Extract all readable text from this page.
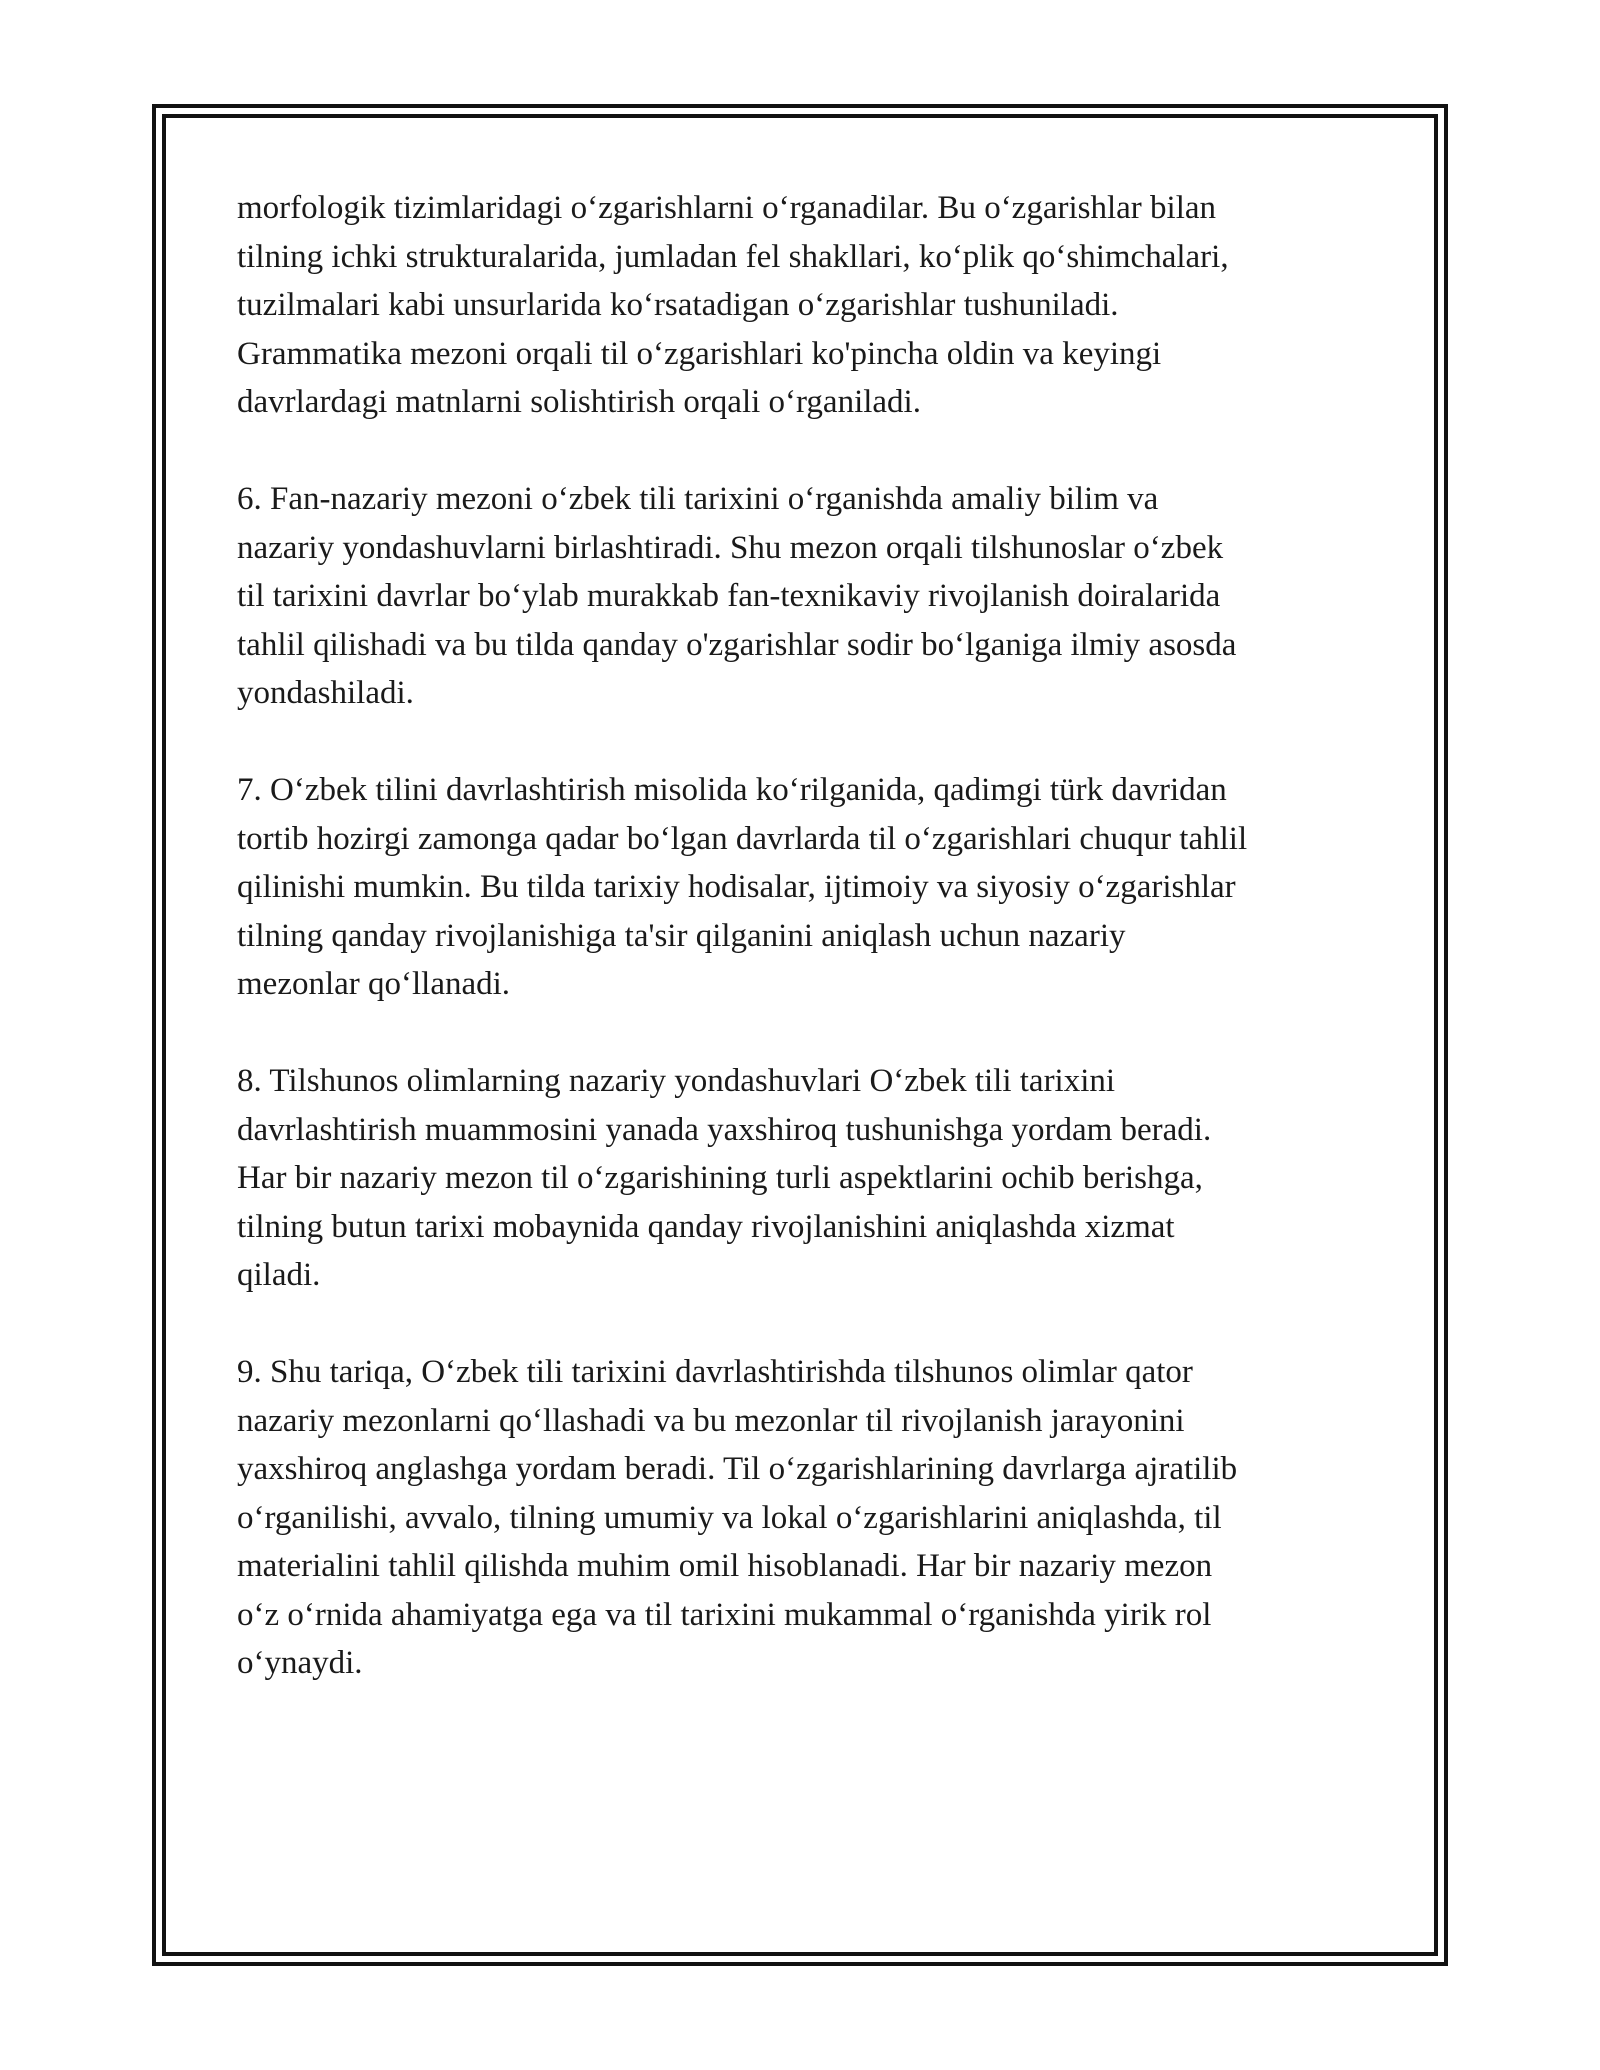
morfologik tizimlaridagi o‘zgarishlarni o‘rganadilar. Bu o‘zgarishlar bilan
tilning ichki strukturalarida, jumladan fel shakllari, ko‘plik qo‘shimchalari,
tuzilmalari kabi unsurlarida ko‘rsatadigan o‘zgarishlar tushuniladi.
Grammatika mezoni orqali til o‘zgarishlari ko'pincha oldin va keyingi
davrlardagi matnlarni solishtirish orqali o‘rganiladi.

6. Fan-nazariy mezoni o‘zbek tili tarixini o‘rganishda amaliy bilim va
nazariy yondashuvlarni birlashtiradi. Shu mezon orqali tilshunoslar o‘zbek
til tarixini davrlar bo‘ylab murakkab fan-texnikaviy rivojlanish doiralarida
tahlil qilishadi va bu tilda qanday o'zgarishlar sodir bo‘lganiga ilmiy asosda
yondashiladi.

7. O‘zbek tilini davrlashtirish misolida ko‘rilganida, qadimgi türk davridan
tortib hozirgi zamonga qadar bo‘lgan davrlarda til o‘zgarishlari chuqur tahlil
qilinishi mumkin. Bu tilda tarixiy hodisalar, ijtimoiy va siyosiy o‘zgarishlar
tilning qanday rivojlanishiga ta'sir qilganini aniqlash uchun nazariy
mezonlar qo‘llanadi.

8. Tilshunos olimlarning nazariy yondashuvlari O‘zbek tili tarixini
davrlashtirish muammosini yanada yaxshiroq tushunishga yordam beradi.
Har bir nazariy mezon til o‘zgarishining turli aspektlarini ochib berishga,
tilning butun tarixi mobaynida qanday rivojlanishini aniqlashda xizmat
qiladi.

9. Shu tariqa, O‘zbek tili tarixini davrlashtirishda tilshunos olimlar qator
nazariy mezonlarni qo‘llashadi va bu mezonlar til rivojlanish jarayonini
yaxshiroq anglashga yordam beradi. Til o‘zgarishlarining davrlarga ajratilib
o‘rganilishi, avvalo, tilning umumiy va lokal o‘zgarishlarini aniqlashda, til
materialini tahlil qilishda muhim omil hisoblanadi. Har bir nazariy mezon
o‘z o‘rnida ahamiyatga ega va til tarixini mukammal o‘rganishda yirik rol
o‘ynaydi.
